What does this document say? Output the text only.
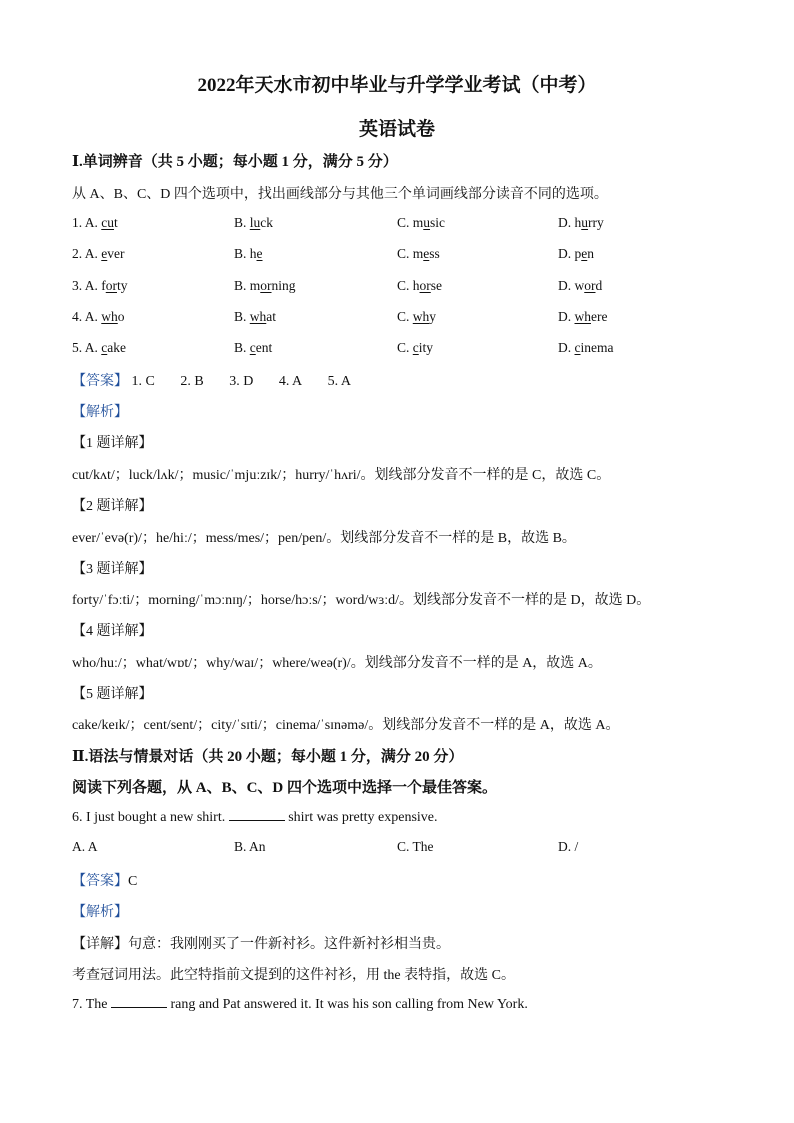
2022年天水市初中毕业与升学学业考试（中考）
英语试卷
Ⅰ.单词辨音（共 5 小题；每小题 1 分，满分 5 分）
从 A、B、C、D 四个选项中，找出画线部分与其他三个单词画线部分读音不同的选项。
1. A. cut	B. luck	C. music	D. hurry
2. A. ever	B. he	C. mess	D. pen
3. A. forty	B. morning	C. horse	D. word
4. A. who	B. what	C. why	D. where
5. A. cake	B. cent	C. city	D. cinema
【答案】 1. C 2. B 3. D 4. A 5. A
【解析】
【1 题详解】
cut/kʌt/；luck/lʌk/；music/ˈmjuːzɪk/；hurry/ˈhʌri/。划线部分发音不一样的是 C，故选 C。
【2 题详解】
ever/ˈevə(r)/；he/hiː/；mess/mes/；pen/pen/。划线部分发音不一样的是 B，故选 B。
【3 题详解】
forty/ˈfɔːti/；morning/ˈmɔːnɪŋ/；horse/hɔːs/；word/wɜːd/。划线部分发音不一样的是 D，故选 D。
【4 题详解】
who/huː/；what/wɒt/；why/waɪ/；where/weə(r)/。划线部分发音不一样的是 A，故选 A。
【5 题详解】
cake/keɪk/；cent/sent/；city/ˈsɪti/；cinema/ˈsɪnəmə/。划线部分发音不一样的是 A，故选 A。
Ⅱ.语法与情景对话（共 20 小题；每小题 1 分，满分 20 分）
阅读下列各题，从 A、B、C、D 四个选项中选择一个最佳答案。
6. I just bought a new shirt.	shirt was pretty expensive.
A. A	B. An	C. The	D. /
【答案】C
【解析】
【详解】句意：我刚刚买了一件新衬衫。这件新衬衫相当贵。
考查冠词用法。此空特指前文提到的这件衬衫，用 the 表特指，故选 C。
7. The	rang and Pat answered it. It was his son calling from New York.
